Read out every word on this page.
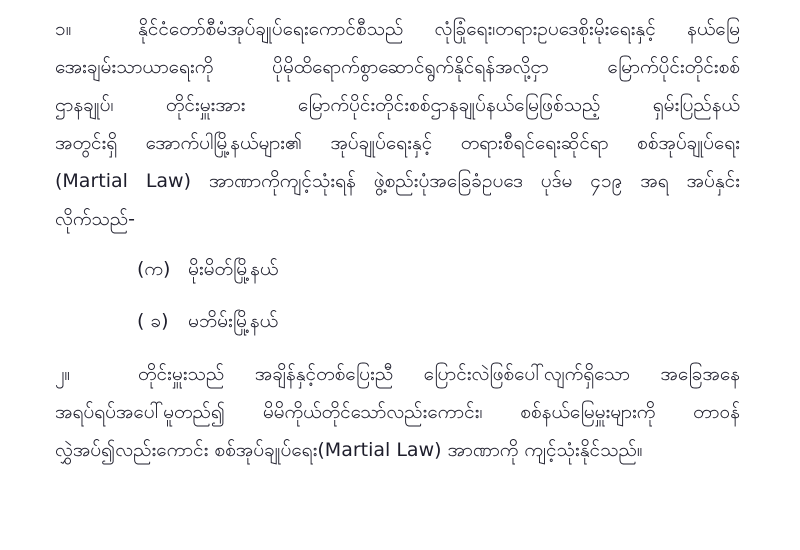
၁။	နိုင်ငံတော်စီမံအုပ်ချုပ်ရေးကောင်စီသည် လုံခြုံရေး၊တရားဥပဒေစိုးမိုးရေးနှင့် နယ်မြေ
အေးချမ်းသာယာရေးကို ပိုမိုထိရောက်စွာဆောင်ရွက်နိုင်ရန်အလို့ငှာ မြောက်ပိုင်းတိုင်းစစ်
ဌာနချုပ်၊ တိုင်းမှူးအား မြောက်ပိုင်းတိုင်းစစ်ဌာနချုပ်နယ်မြေဖြစ်သည့် ရှမ်းပြည်နယ်
အတွင်းရှိ အောက်ပါမြို့နယ်များ၏ အုပ်ချုပ်ရေးနှင့် တရားစီရင်ရေးဆိုင်ရာ စစ်အုပ်ချုပ်ရေး
(Martial Law) အာဏာကိုကျင့်သုံးရန် ဖွဲ့စည်းပုံအခြေခံဥပဒေ ပုဒ်မ ၄၁၉ အရ အပ်နှင်း
လိုက်သည်-
(က) မိုးမိတ်မြို့နယ်
( ခ)	မဘိမ်းမြို့နယ်
၂။	တိုင်းမှူးသည် အချိန်နှင့်တစ်ပြေးညီ ပြောင်းလဲဖြစ်ပေါ်လျက်ရှိသော အခြေအနေ
အရပ်ရပ်အပေါ်မူတည်၍ မိမိကိုယ်တိုင်သော်လည်းကောင်း၊ စစ်နယ်မြေမှူးများကို တာဝန်
လွှဲအပ်၍လည်းကောင်း စစ်အုပ်ချုပ်ရေး(Martial Law) အာဏာကို ကျင့်သုံးနိုင်သည်။
